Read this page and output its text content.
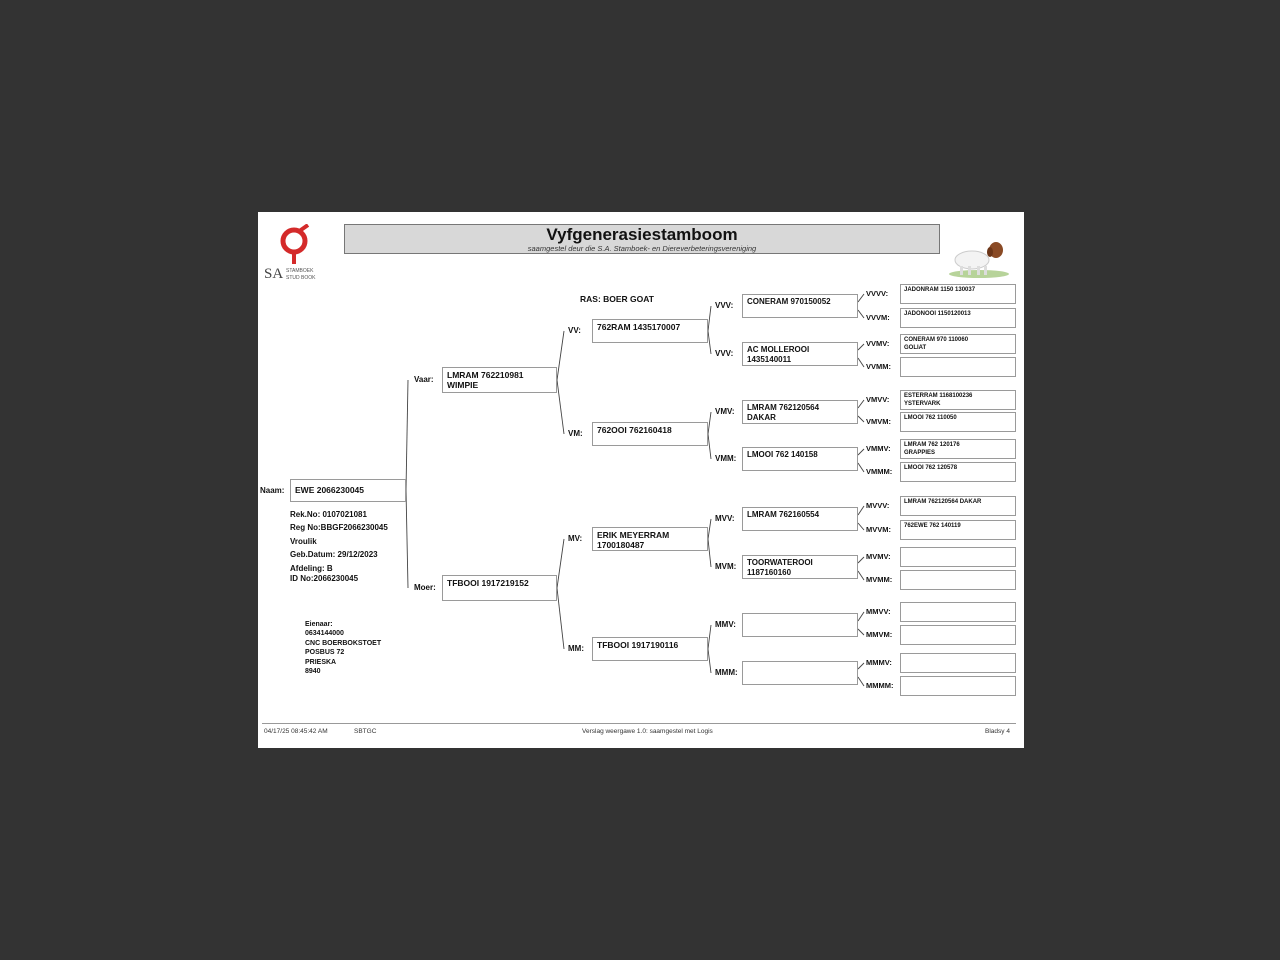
SA STAMBOEK
STUD BOOK
Vyfgenerasiestamboom
saamgestel deur die S.A. Stamboek- en Diereverbeteringsvereniging
RAS: BOER GOAT
Naam: EWE 2066230045
Rek.No: 0107021081
Reg No:BBGF2066230045
Vroulik
Geb.Datum: 29/12/2023
Afdeling: B
ID No:2066230045
Eienaar:
0634144000
CNC BOERBOKSTOET
POSBUS 72
PRIESKA
8940
Vaar: LMRAM 762210981
WIMPIE
Moer: TFBOOI 1917219152
VV: 762RAM 1435170007
VM: 762OOI 762160418
MV: ERIK MEYERRAM
1700180487
MM: TFBOOI 1917190116
VVV: CONERAM 970150052
VVV: AC MOLLEROOI
1435140011
VMV: LMRAM 762120564
DAKAR
VMM: LMOOI 762 140158
MVV: LMRAM 762160554
MVM: TOORWATEROOI
1187160160
MMV:
MMM:
VVVV:	JADONRAM 1150 130037
VVVM: JADONOOI 1150120013
VVMV: CONERAM 970 110060
GOLIAT
VVMM:
VMVV: ESTERRAM 1168100236
YSTERVARK
VMVM: LMOOI 762 110050
VMMV: LMRAM 762 120176
GRAPPIES
VMMM: LMOOI 762 120578
MVVV: LMRAM 762120564 DAKAR
MVVM: 762EWE 762 140119
MVMV:
MVMM:
MMVV:
MMVM:
MMMV:
MMMM:
04/17/25 08:45:42 AM	SBTGC	Verslag weergawe 1.0: saamgestel met Logis	Bladsy 4
